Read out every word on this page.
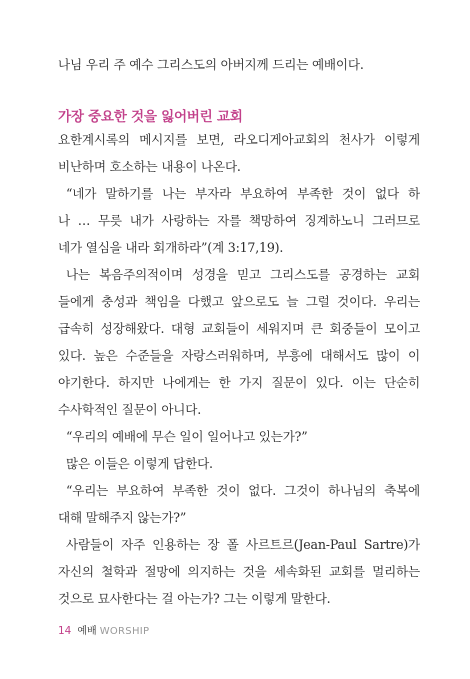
나님 우리 주 예수 그리스도의 아버지께 드리는 예배이다.
가장 중요한 것을 잃어버린 교회
요한계시록의 메시지를 보면, 라오디게아교회의 천사가 이렇게
비난하며 호소하는 내용이 나온다.
“네가 말하기를 나는 부자라 부요하여 부족한 것이 없다 하
나 … 무릇 내가 사랑하는 자를 책망하여 징계하노니 그러므로
네가 열심을 내라 회개하라”(계 3:17,19).
나는 복음주의적이며 성경을 믿고 그리스도를 공경하는 교회
들에게 충성과 책임을 다했고 앞으로도 늘 그럴 것이다. 우리는
급속히 성장해왔다. 대형 교회들이 세워지며 큰 회중들이 모이고
있다. 높은 수준들을 자랑스러워하며, 부흥에 대해서도 많이 이
야기한다. 하지만 나에게는 한 가지 질문이 있다. 이는 단순히
수사학적인 질문이 아니다.
“우리의 예배에 무슨 일이 일어나고 있는가?”
많은 이들은 이렇게 답한다.
“우리는 부요하여 부족한 것이 없다. 그것이 하나님의 축복에
대해 말해주지 않는가?”
사람들이 자주 인용하는 장 폴 사르트르(Jean-Paul Sartre)가
자신의 철학과 절망에 의지하는 것을 세속화된 교회를 멀리하는
것으로 묘사한다는 걸 아는가? 그는 이렇게 말한다.
14 예배 WORSHIP
